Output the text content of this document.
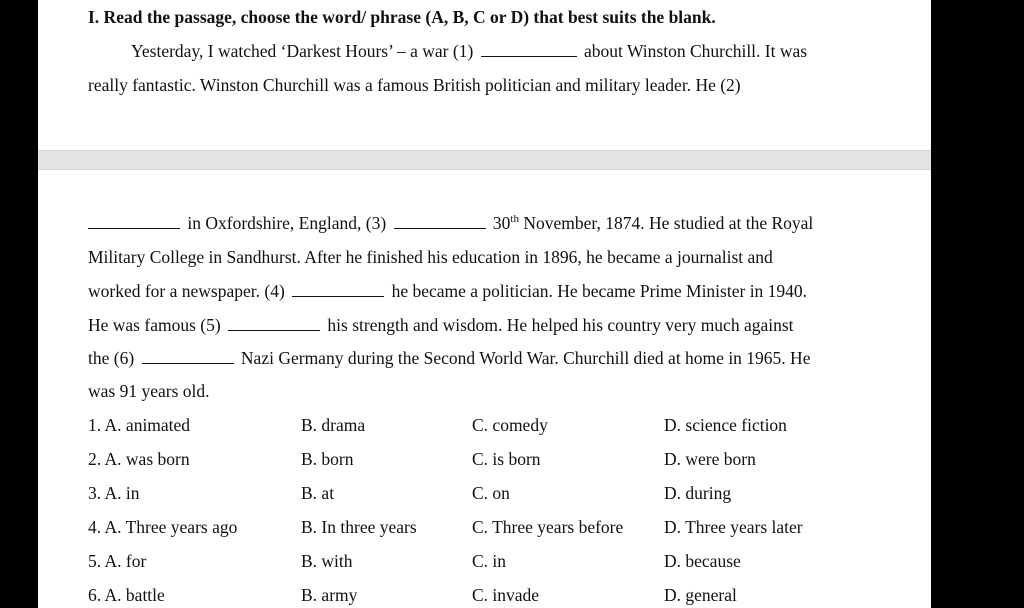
I. Read the passage, choose the word/ phrase (A, B, C or D) that best suits the blank.
Yesterday, I watched ‘Darkest Hours’ – a war (1)	about Winston Churchill. It was
really fantastic. Winston Churchill was a famous British politician and military leader. He (2)
in Oxfordshire, England, (3)	30th November, 1874. He studied at the Royal
Military College in Sandhurst. After he finished his education in 1896, he became a journalist and
worked for a newspaper. (4)	he became a politician. He became Prime Minister in 1940.
He was famous (5)	his strength and wisdom. He helped his country very much against
the (6)	Nazi Germany during the Second World War. Churchill died at home in 1965. He
was 91 years old.
1. A. animated	B. drama	C. comedy	D. science fiction
2. A. was born	B. born	C. is born	D. were born
3. A. in	B. at	C. on	D. during
4. A. Three years ago	B. In three years	C. Three years before D. Three years later
5. A. for	B. with	C. in	D. because
6. A. battle	B. army	C. invade	D. general
